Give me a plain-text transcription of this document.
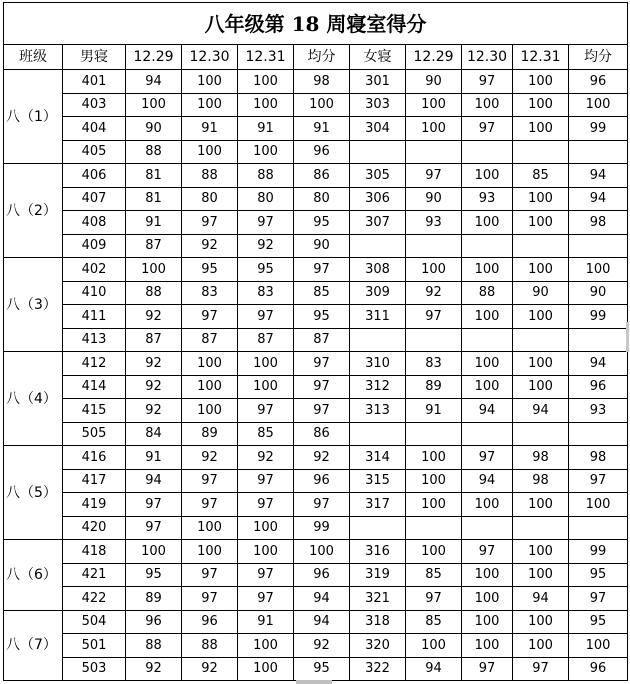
八年级第 18 周寝室得分										
班级	男寝	12.29	12.30	12.31	均分	女寝	12.29	12.30	12.31	均分
八（1）	401	94	100	100	98	301	90	97	100	96
	403	100	100	100	100	303	100	100	100	100
	404	90	91	91	91	304	100	97	100	99
	405	88	100	100	96					
八（2）	406	81	88	88	86	305	97	100	85	94
	407	81	80	80	80	306	90	93	100	94
	408	91	97	97	95	307	93	100	100	98
	409	87	92	92	90					
八（3）	402	100	95	95	97	308	100	100	100	100
	410	88	83	83	85	309	92	88	90	90
	411	92	97	97	95	311	97	100	100	99
	413	87	87	87	87					
八（4）	412	92	100	100	97	310	83	100	100	94
	414	92	100	100	97	312	89	100	100	96
	415	92	100	97	97	313	91	94	94	93
	505	84	89	85	86					
八（5）	416	91	92	92	92	314	100	97	98	98
	417	94	97	97	96	315	100	94	98	97
	419	97	97	97	97	317	100	100	100	100
	420	97	100	100	99					
八（6）	418	100	100	100	100	316	100	97	100	99
	421	95	97	97	96	319	85	100	100	95
	422	89	97	97	94	321	97	100	94	97
八（7）	504	96	96	91	94	318	85	100	100	95
	501	88	88	100	92	320	100	100	100	100
	503	92	92	100	95	322	94	97	97	96
